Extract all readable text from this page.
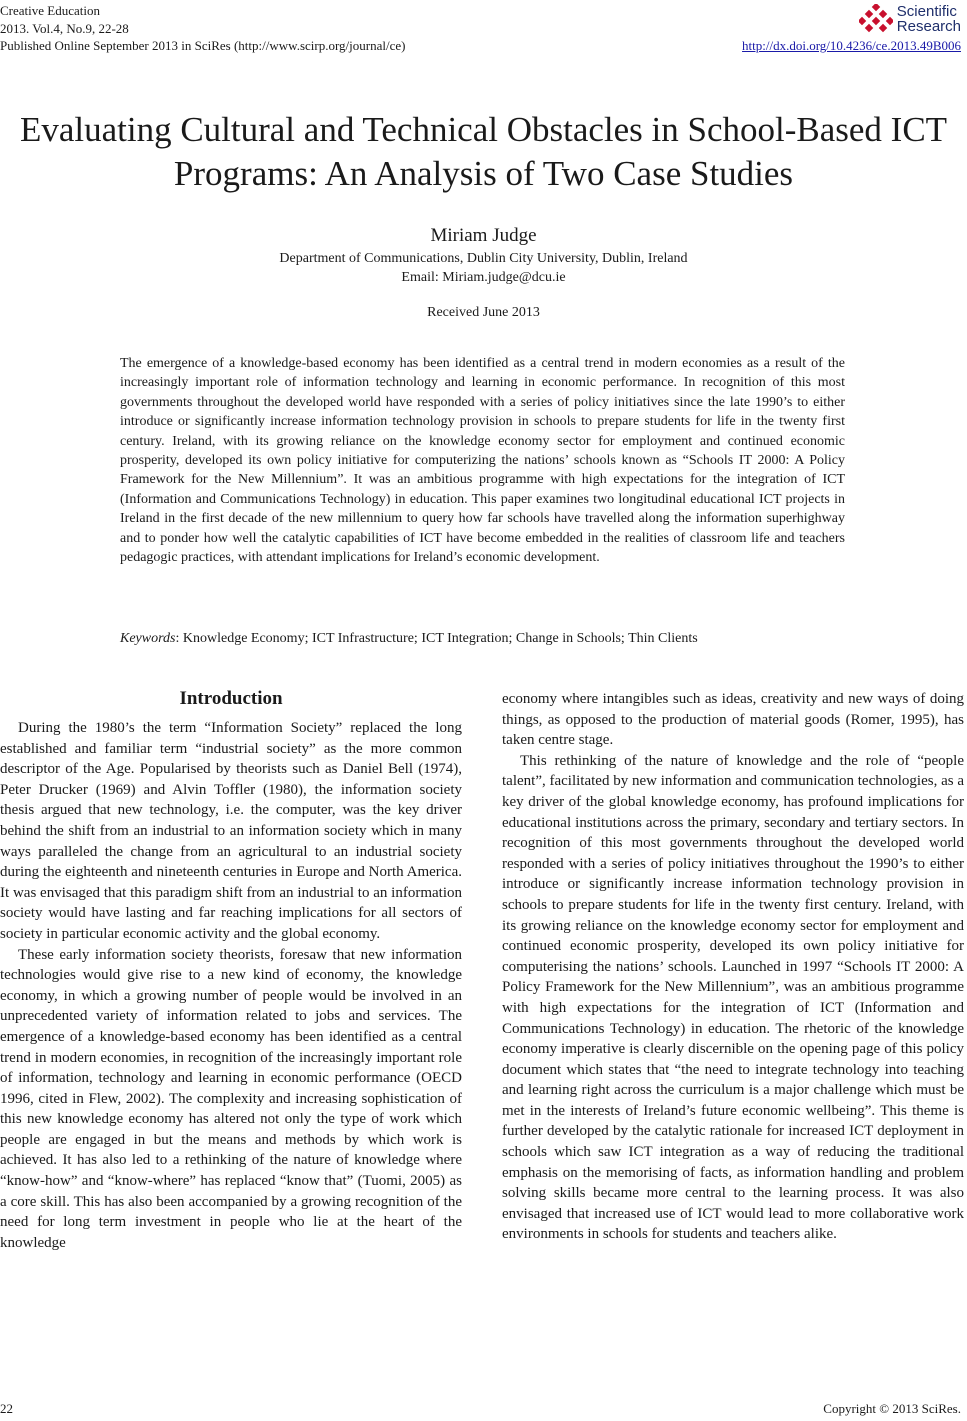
Creative Education
2013. Vol.4, No.9, 22-28
Published Online September 2013 in SciRes (http://www.scirp.org/journal/ce)
Scientific
Research
http://dx.doi.org/10.4236/ce.2013.49B006
Evaluating Cultural and Technical Obstacles in School-Based ICT Programs: An Analysis of Two Case Studies
Miriam Judge
Department of Communications, Dublin City University, Dublin, Ireland
Email: Miriam.judge@dcu.ie
Received June 2013
The emergence of a knowledge-based economy has been identified as a central trend in modern economies as a result of the increasingly important role of information technology and learning in economic performance. In recognition of this most governments throughout the developed world have responded with a series of policy initiatives since the late 1990’s to either introduce or significantly increase information technology provision in schools to prepare students for life in the twenty first century. Ireland, with its growing reliance on the knowledge economy sector for employment and continued economic prosperity, developed its own policy initiative for computerizing the nations’ schools known as “Schools IT 2000: A Policy Framework for the New Millennium”. It was an ambitious programme with high expectations for the integration of ICT (Information and Communications Technology) in education. This paper examines two longitudinal educational ICT projects in Ireland in the first decade of the new millennium to query how far schools have travelled along the information superhighway and to ponder how well the catalytic capabilities of ICT have become embedded in the realities of classroom life and teachers pedagogic practices, with attendant implications for Ireland’s economic development.
Keywords: Knowledge Economy; ICT Infrastructure; ICT Integration; Change in Schools; Thin Clients
Introduction

During the 1980’s the term “Information Society” replaced the long established and familiar term “industrial society” as the more common descriptor of the Age. Popularised by theorists such as Daniel Bell (1974), Peter Drucker (1969) and Alvin Toffler (1980), the information society thesis argued that new technology, i.e. the computer, was the key driver behind the shift from an industrial to an information society which in many ways paralleled the change from an agricultural to an industrial society during the eighteenth and nineteenth centuries in Europe and North America. It was envisaged that this paradigm shift from an industrial to an information society would have lasting and far reaching implications for all sectors of society in particular economic activity and the global economy.

These early information society theorists, foresaw that new information technologies would give rise to a new kind of economy, the knowledge economy, in which a growing number of people would be involved in an unprecedented variety of information related to jobs and services. The emergence of a knowledge-based economy has been identified as a central trend in modern economies, in recognition of the increasingly important role of information, technology and learning in economic performance (OECD 1996, cited in Flew, 2002). The complexity and increasing sophistication of this new knowledge economy has altered not only the type of work which people are engaged in but the means and methods by which work is achieved. It has also led to a rethinking of the nature of knowledge where “know-how” and “know-where” has replaced “know that” (Tuomi, 2005) as a core skill. This has also been accompanied by a growing recognition of the need for long term investment in people who lie at the heart of the knowledge

economy where intangibles such as ideas, creativity and new ways of doing things, as opposed to the production of material goods (Romer, 1995), has taken centre stage.

This rethinking of the nature of knowledge and the role of “people talent”, facilitated by new information and communication technologies, as a key driver of the global knowledge economy, has profound implications for educational institutions across the primary, secondary and tertiary sectors. In recognition of this most governments throughout the developed world responded with a series of policy initiatives throughout the 1990’s to either introduce or significantly increase information technology provision in schools to prepare students for life in the twenty first century. Ireland, with its growing reliance on the knowledge economy sector for employment and continued economic prosperity, developed its own policy initiative for computerising the nations’ schools. Launched in 1997 “Schools IT 2000: A Policy Framework for the New Millennium”, was an ambitious programme with high expectations for the integration of ICT (Information and Communications Technology) in education. The rhetoric of the knowledge economy imperative is clearly discernible on the opening page of this policy document which states that “the need to integrate technology into teaching and learning right across the curriculum is a major challenge which must be met in the interests of Ireland’s future economic wellbeing”. This theme is further developed by the catalytic rationale for increased ICT deployment in schools which saw ICT integration as a way of reducing the traditional emphasis on the memorising of facts, as information handling and problem solving skills became more central to the learning process. It was also envisaged that increased use of ICT would lead to more collaborative work environments in schools for students and teachers alike.

22	Copyright © 2013 SciRes.
